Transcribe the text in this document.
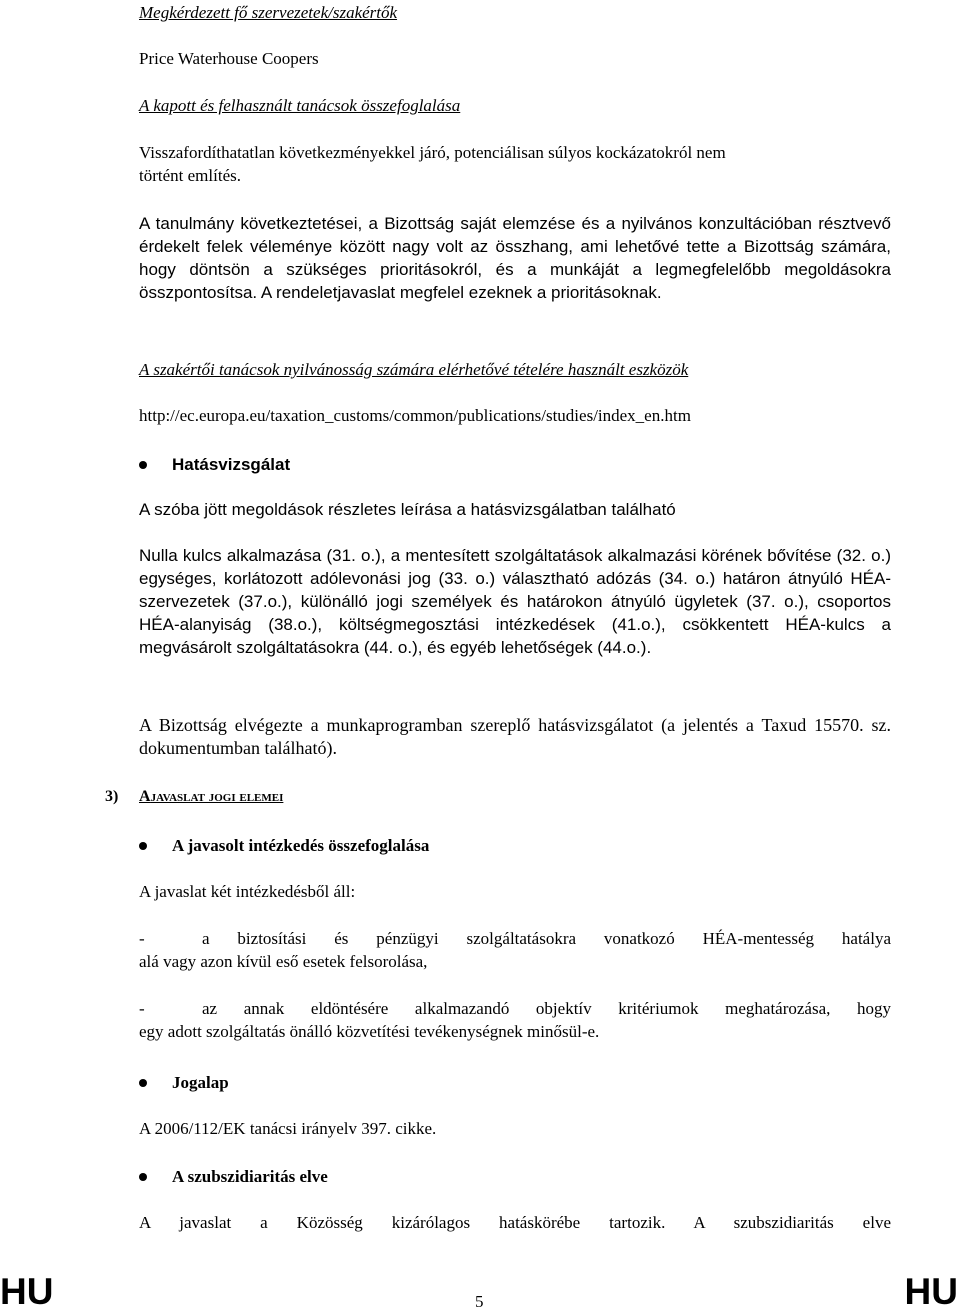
Megkérdezett fő szervezetek/szakértők

Price Waterhouse Coopers

A kapott és felhasznált tanácsok összefoglalása

Visszafordíthatatlan következményekkel járó, potenciálisan súlyos kockázatokról nem

történt említés.

A tanulmány következtetései, a Bizottság saját elemzése és a nyilvános konzultációban résztvevő érdekelt felek véleménye között nagy volt az összhang, ami lehetővé tette a Bizottság számára, hogy döntsön a szükséges prioritásokról, és a munkáját a legmegfelelőbb megoldásokra összpontosítsa. A rendeletjavaslat megfelel ezeknek a prioritásoknak.

A szakértői tanácsok nyilvánosság számára elérhetővé tételére használt eszközök

http://ec.europa.eu/taxation_customs/common/publications/studies/index_en.htm

Hatásvizsgálat

A szóba jött megoldások részletes leírása a hatásvizsgálatban található

Nulla kulcs alkalmazása (31. o.), a mentesített szolgáltatások alkalmazási körének bővítése (32. o.) egységes, korlátozott adólevonási jog (33. o.) választható adózás (34. o.) határon átnyúló HÉA-szervezetek (37.o.), különálló jogi személyek és határokon átnyúló ügyletek (37. o.), csoportos HÉA-alanyiság (38.o.), költségmegosztási intézkedések (41.o.), csökkentett HÉA-kulcs a megvásárolt szolgáltatásokra (44. o.), és egyéb lehetőségek (44.o.).

A Bizottság elvégezte a munkaprogramban szereplő hatásvizsgálatot (a jelentés a Taxud 15570. sz. dokumentumban található).

A javasolt intézkedés összefoglalása

A javaslat két intézkedésből áll:

-	a biztosítási és pénzügyi szolgáltatásokra vonatkozó HÉA-mentesség hatálya

alá vagy azon kívül eső esetek felsorolása,

-	az annak eldöntésére alkalmazandó objektív kritériumok meghatározása, hogy

egy adott szolgáltatás önálló közvetítési tevékenységnek minősül-e.

Jogalap

A 2006/112/EK tanácsi irányelv 397. cikke.

A szubszidiaritás elve

A javaslat a Közösség kizárólagos hatáskörébe tartozik. A szubszidiaritás elve

3) Ajavaslat jogi elemei
HU	5	HU
